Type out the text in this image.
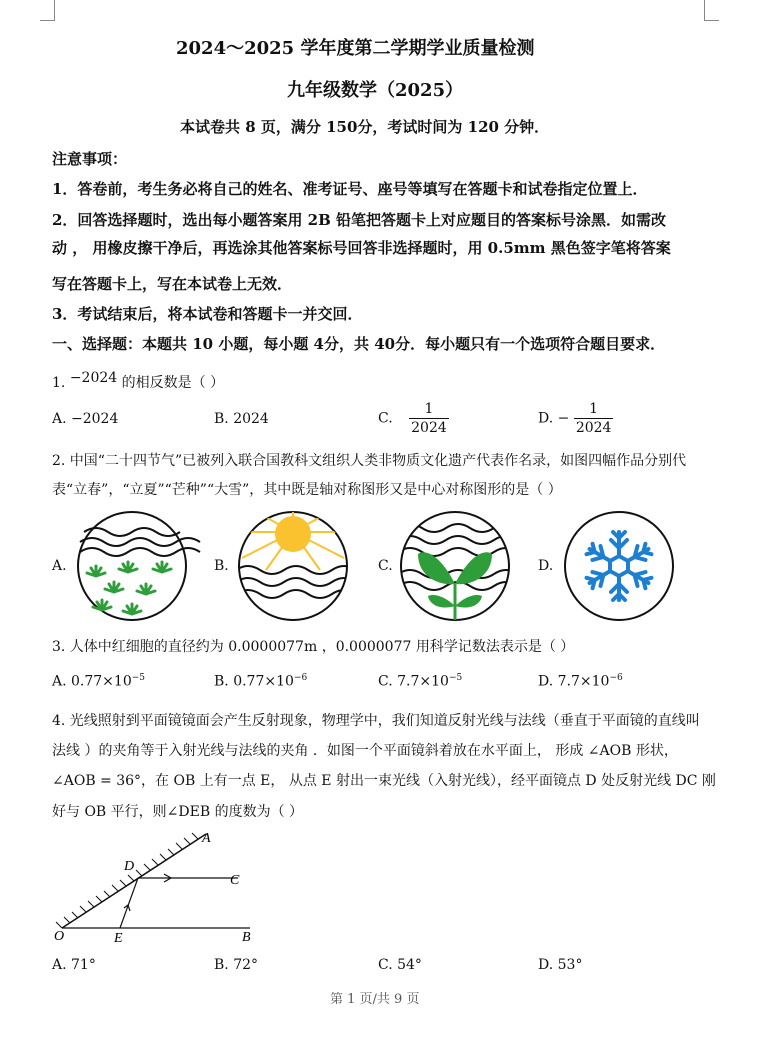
2024～2025 学年度第二学期学业质量检测
九年级数学（2025）
本试卷共 8 页，满分 150分，考试时间为 120 分钟．
注意事项：
1．答卷前，考生务必将自己的姓名、准考证号、座号等填写在答题卡和试卷指定位置上．
2．回答选择题时，选出每小题答案用 2B 铅笔把答题卡上对应题目的答案标号涂黑．如需改
动 ， 用橡皮擦干净后，再选涂其他答案标号回答非选择题时，用 0.5mm 黑色签字笔将答案
写在答题卡上，写在本试卷上无效．
3．考试结束后，将本试卷和答题卡一并交回．
一、选择题：本题共 10 小题，每小题 4分，共 40分．每小题只有一个选项符合题目要求．
1. −2024 的相反数是（ ）
A. −2024	B. 2024	C. $\frac{1}{2024}$	D. − $\frac{1}{2024}$
2. 中国“二十四节气”已被列入联合国教科文组织人类非物质文化遗产代表作名录，如图四幅作品分别代
表“立春”，“立夏”“芒种”“大雪”，其中既是轴对称图形又是中心对称图形的是（ ）
A.	B.	C.	D.
3. 人体中红细胞的直径约为 0.0000077m ，0.0000077 用科学记数法表示是（ ）
A. $0.77\times 10^{-5}$	B. $0.77\times 10^{-6}$	C. $7.7\times 10^{-5}$	D. $7.7\times 10^{-6}$
4. 光线照射到平面镜镜面会产生反射现象，物理学中，我们知道反射光线与法线（垂直于平面镜的直线叫
法线 ）的夹角等于入射光线与法线的夹角 ．如图一个平面镜斜着放在水平面上， 形成 ∠AOB 形状，
∠AOB = 36°，在 OB 上有一点 E， 从点 E 射出一束光线（入射光线），经平面镜点 D 处反射光线 DC 刚
好与 OB 平行，则∠DEB 的度数为（ ）
A
D
C
O	E	B
A. 71°	B. 72°	C. 54°	D. 53°
第 1 页/共 9 页
